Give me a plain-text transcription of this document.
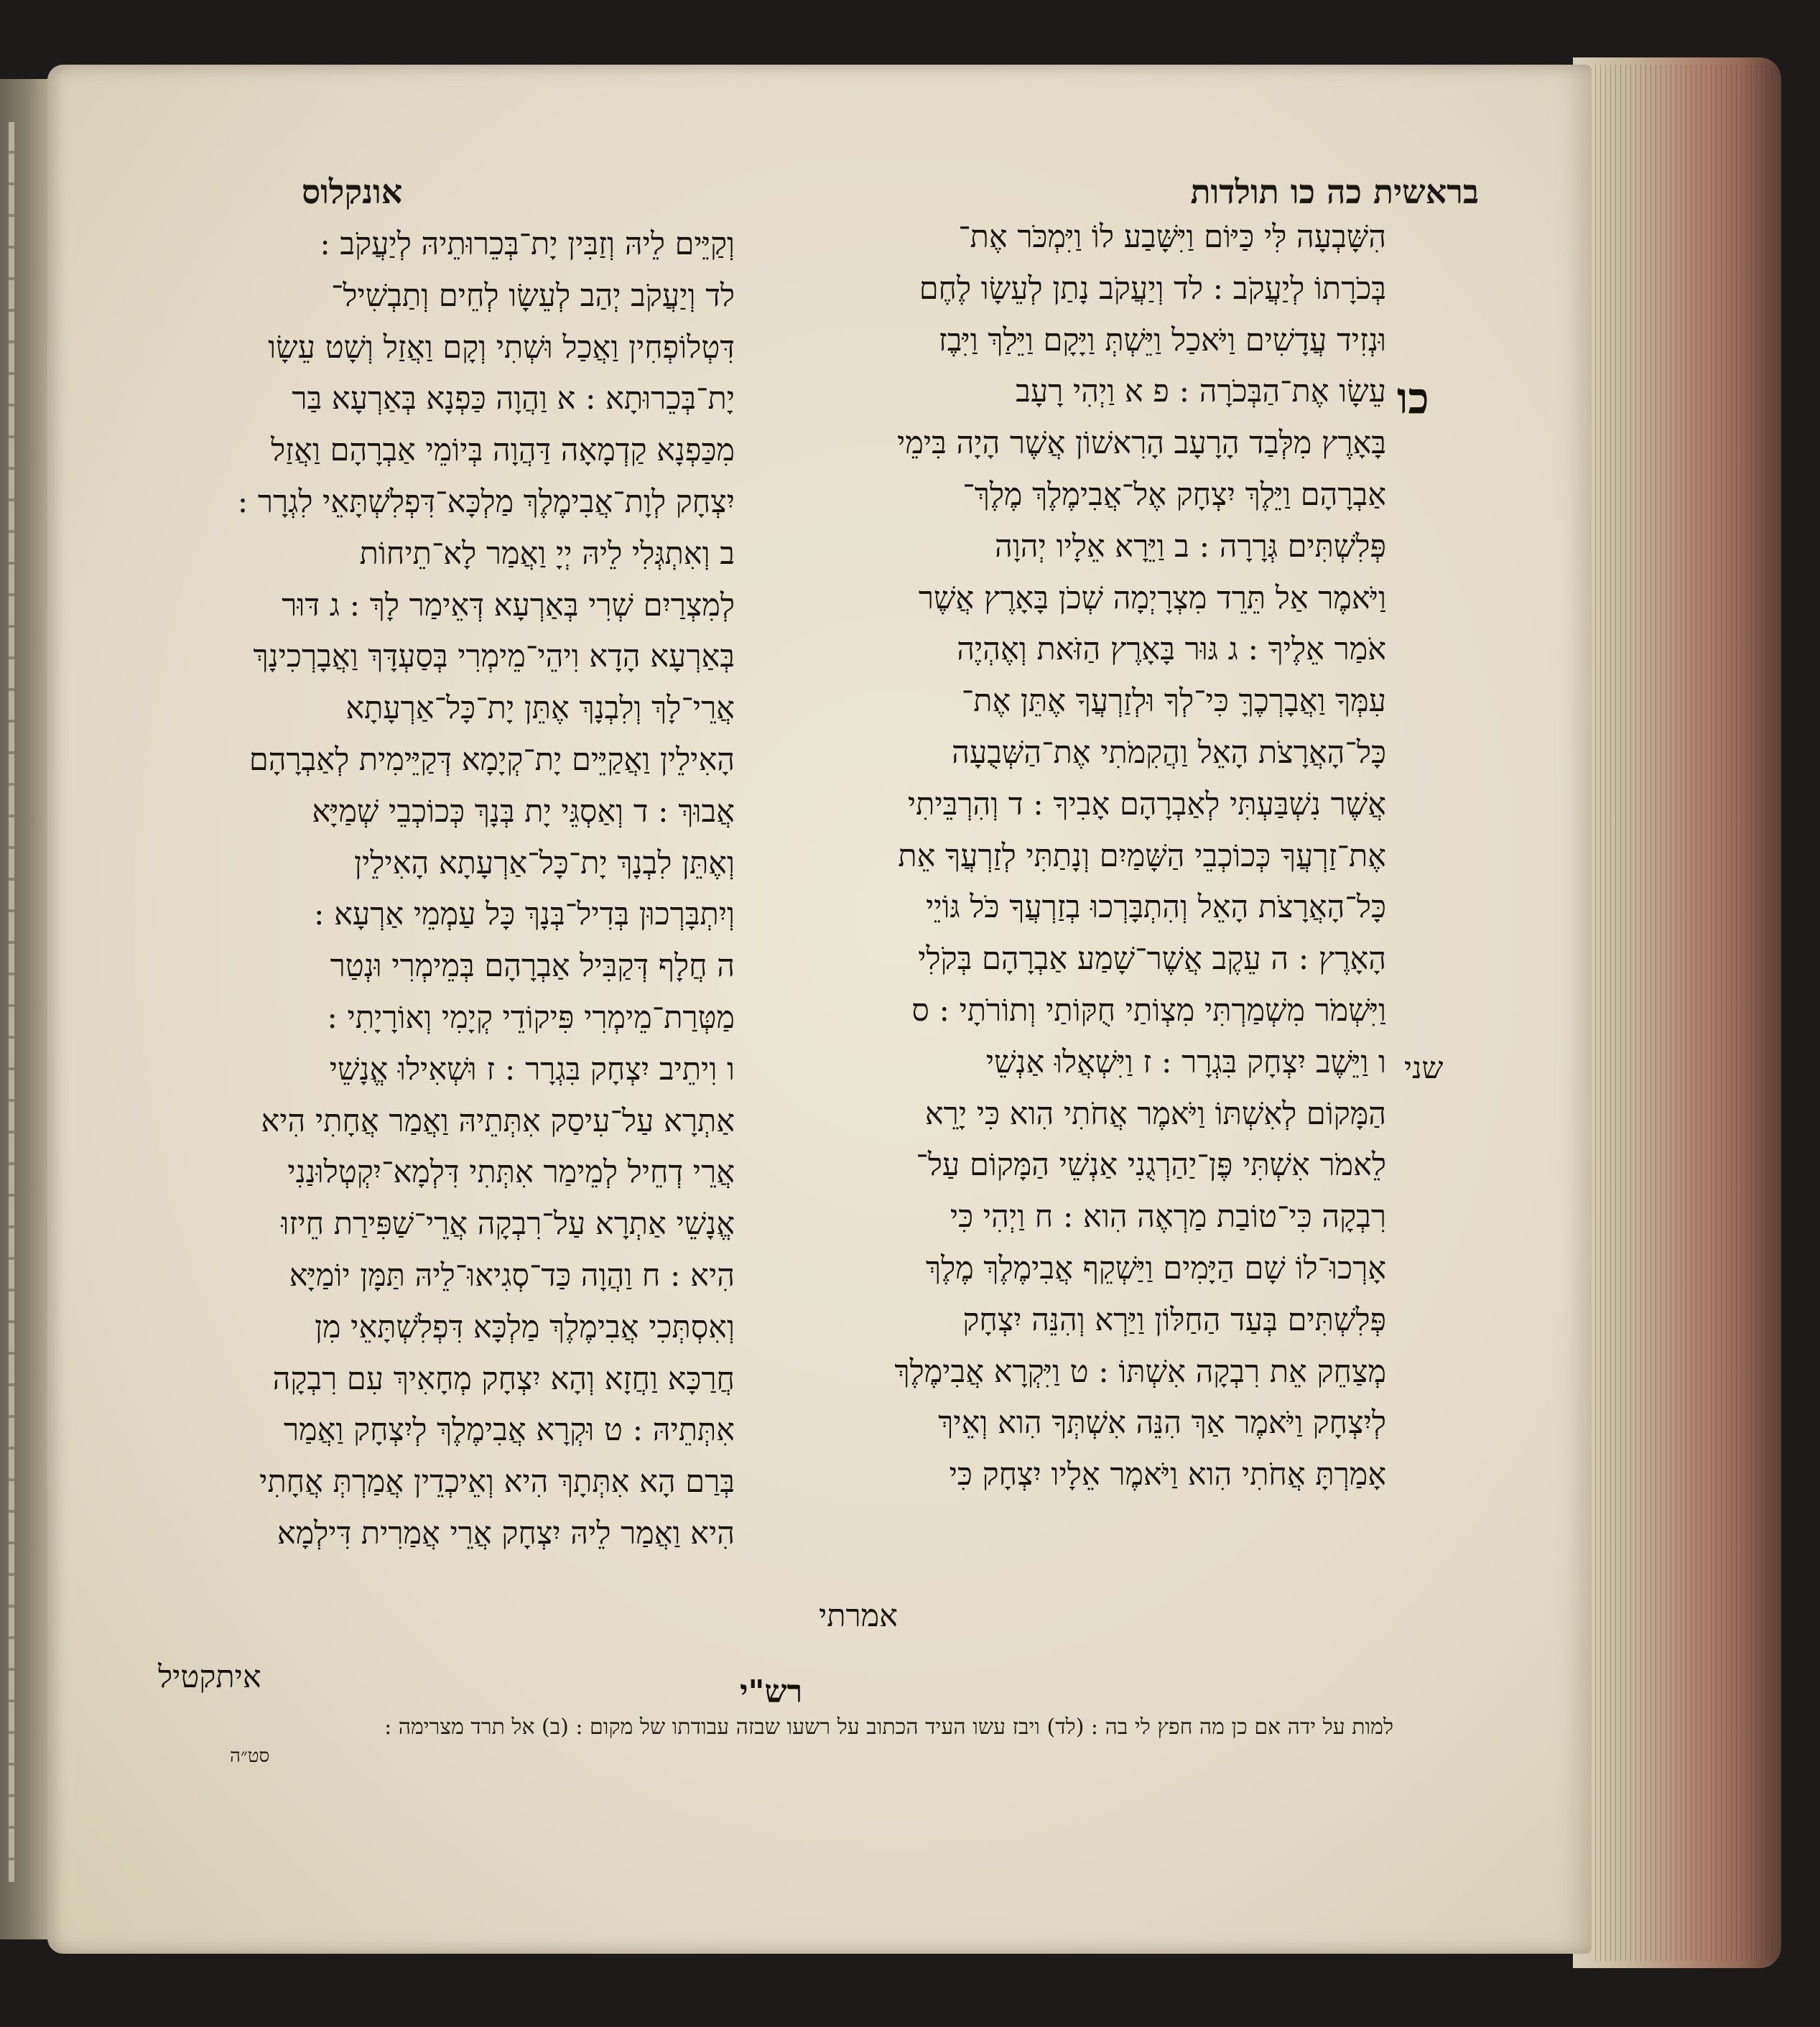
בראשית כה כו תולדות
אונקלוס
כו
שני
הִשָּׁבְעָה לִּי כַּיּוֹם וַיִּשָּׁבַע לוֹ וַיִּמְכֹּר אֶת־
בְּכֹרָתוֹ לְיַעֲקֹב : לד וְיַעֲקֹב נָתַן לְעֵשָׂו לֶחֶם
וּנְזִיד עֲדָשִׁים וַיֹּאכַל וַיֵּשְׁתְּ וַיָּקָם וַיֵּלַךְ וַיִּבֶז
עֵשָׂו אֶת־הַבְּכֹרָה : פ א וַיְהִי רָעָב
בָּאָרֶץ מִלְּבַד הָרָעָב הָרִאשׁוֹן אֲשֶׁר הָיָה בִּימֵי
אַבְרָהָם וַיֵּלֶךְ יִצְחָק אֶל־אֲבִימֶלֶךְ מֶלֶךְ־
פְּלִשְׁתִּים גְּרָרָה : ב וַיֵּרָא אֵלָיו יְהוָה
וַיֹּאמֶר אַל תֵּרֵד מִצְרָיְמָה שְׁכֹן בָּאָרֶץ אֲשֶׁר
אֹמַר אֵלֶיךָ : ג גּוּר בָּאָרֶץ הַזֹּאת וְאֶהְיֶה
עִמְּךָ וַאֲבָרְכֶךָּ כִּי־לְךָ וּלְזַרְעֲךָ אֶתֵּן אֶת־
כָּל־הָאֲרָצֹת הָאֵל וַהֲקִמֹתִי אֶת־הַשְּׁבֻעָה
אֲשֶׁר נִשְׁבַּעְתִּי לְאַבְרָהָם אָבִיךָ : ד וְהִרְבֵּיתִי
אֶת־זַרְעֲךָ כְּכוֹכְבֵי הַשָּׁמַיִם וְנָתַתִּי לְזַרְעֲךָ אֵת
כָּל־הָאֲרָצֹת הָאֵל וְהִתְבָּרְכוּ בְזַרְעֲךָ כֹּל גּוֹיֵי
הָאָרֶץ : ה עֵקֶב אֲשֶׁר־שָׁמַע אַבְרָהָם בְּקֹלִי
וַיִּשְׁמֹר מִשְׁמַרְתִּי מִצְוֹתַי חֻקּוֹתַי וְתוֹרֹתָי : ס
ו וַיֵּשֶׁב יִצְחָק בִּגְרָר : ז וַיִּשְׁאֲלוּ אַנְשֵׁי
הַמָּקוֹם לְאִשְׁתּוֹ וַיֹּאמֶר אֲחֹתִי הִוא כִּי יָרֵא
לֵאמֹר אִשְׁתִּי פֶּן־יַהַרְגֻנִי אַנְשֵׁי הַמָּקוֹם עַל־
רִבְקָה כִּי־טוֹבַת מַרְאֶה הִוא : ח וַיְהִי כִּי
אָרְכוּ־לוֹ שָׁם הַיָּמִים וַיַּשְׁקֵף אֲבִימֶלֶךְ מֶלֶךְ
פְּלִשְׁתִּים בְּעַד הַחַלּוֹן וַיַּרְא וְהִנֵּה יִצְחָק
מְצַחֵק אֵת רִבְקָה אִשְׁתּוֹ : ט וַיִּקְרָא אֲבִימֶלֶךְ
לְיִצְחָק וַיֹּאמֶר אַךְ הִנֵּה אִשְׁתְּךָ הִוא וְאֵיךְ
אָמַרְתָּ אֲחֹתִי הִוא וַיֹּאמֶר אֵלָיו יִצְחָק כִּי
וְקַיֵּים לֵיהּ וְזַבִּין יָת־בְּכֵרוּתֵיהּ לְיַעֲקֹב :
לד וְיַעֲקֹב יְהַב לְעֵשָׂו לְחֵים וְתַבְשִׁיל־
דִּטְלוֹפְחִין וַאֲכַל וּשְׁתִי וְקָם וַאֲזַל וְשָׁט עֵשָׂו
יָת־בְּכֵרוּתָא : א וַהֲוָה כַּפְנָא בְּאַרְעָא בַּר
מִכַּפְנָא קַדְמָאָה דַּהֲוָה בְּיוֹמֵי אַבְרָהָם וַאֲזַל
יִצְחָק לְוָת־אֲבִימֶלֶךְ מַלְכָּא־דִּפְלִשְׁתָּאֵי לִגְרָר :
ב וְאִתְגְּלִי לֵיהּ יְיָ וַאֲמַר לָא־תֵיחוֹת
לְמִצְרַיִם שְׁרִי בְּאַרְעָא דְּאֵימַר לָךְ : ג דּוּר
בְּאַרְעָא הָדָא וִיהֵי־מֵימְרִי בְּסַעְדָּךְ וַאֲבָרְכִינָךְ
אֲרֵי־לָךְ וְלִבְנָךְ אֶתֵּן יָת־כָּל־אַרְעָתָא
הָאִילֵין וַאֲקַיֵּים יָת־קְיָמָא דְּקַיֵּימִית לְאַבְרָהָם
אֲבוּךְ : ד וְאַסְגֵּי יָת בְּנָךְ כְּכוֹכְבֵי שְׁמַיָּא
וְאֶתֵּן לִבְנָךְ יָת־כָּל־אַרְעָתָא הָאִילֵין
וְיִתְבָּרְכוּן בְּדִיל־בְּנָךְ כָּל עַמְמֵי אַרְעָא :
ה חֲלָף דְּקַבִּיל אַבְרָהָם בְּמֵימְרִי וּנְטַר
מַטְּרַת־מֵימְרִי פִּיקוֹדֵי קְיָמִי וְאוֹרָיָתִי :
ו וִיתֵיב יִצְחָק בִּגְרָר : ז וּשְׁאִילוּ אֱנָשֵׁי
אַתְרָא עַל־עִיסַק אִתְּתֵיהּ וַאֲמַר אֲחָתִי הִיא
אֲרֵי דְחֵיל לְמֵימַר אִתְּתִי דִּלְמָא־יִקְטְלוּנַנִי
אֱנָשֵׁי אַתְרָא עַל־רִבְקָה אֲרֵי־שַׁפִּירַת חֵיזוּ
הִיא : ח וַהֲוָה כַּד־סְגִיאוּ־לֵיהּ תַּמָּן יוֹמַיָּא
וְאִסְתְּכִי אֲבִימֶלֶךְ מַלְכָּא דִּפְלִשְׁתָּאֵי מִן
חֲרַכָּא וַחֲזָא וְהָא יִצְחָק מְחָאִיךְ עִם רִבְקָה
אִתְּתֵיהּ : ט וּקְרָא אֲבִימֶלֶךְ לְיִצְחָק וַאֲמַר
בְּרַם הָא אִתְּתָךְ הִיא וְאֵיכְדֵין אֲמַרְתְּ אֲחָתִי
הִיא וַאֲמַר לֵיהּ יִצְחָק אֲרֵי אֲמַרִית דִּילְמָא
אמרתי
איתקטיל	רש"י
למות על ידה אם כן מה חפץ לי בה : (לד) ויבז עשו העיד הכתוב על רשעו שבזה עבודתו של מקום : (ב) אל תרד מצרימה :
סט״ה
